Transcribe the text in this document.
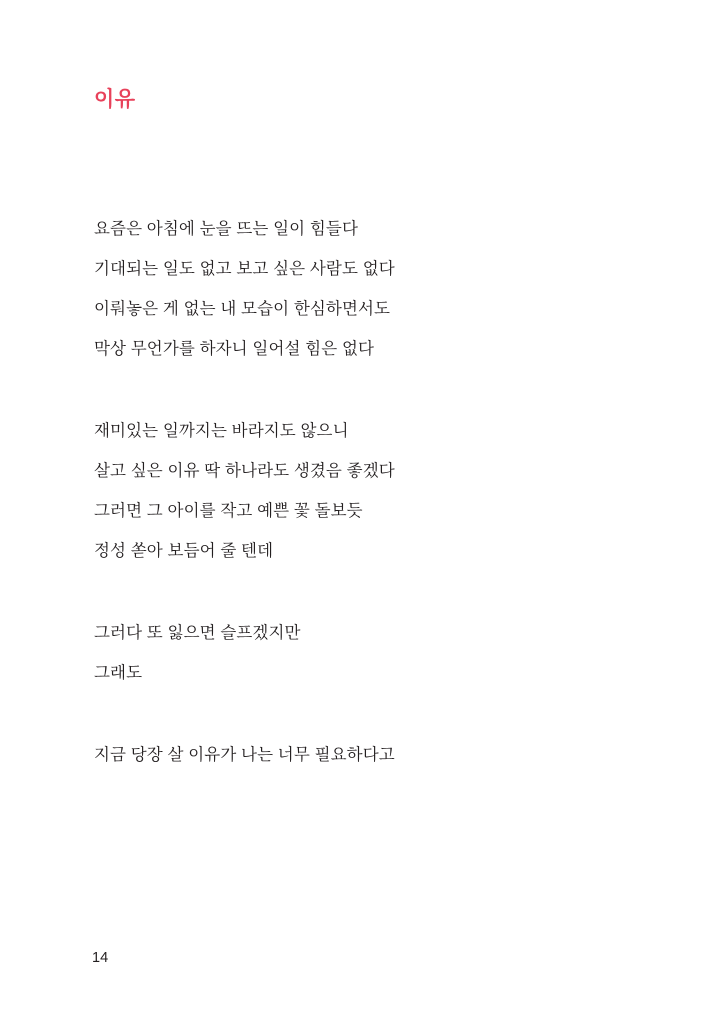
이유
요즘은 아침에 눈을 뜨는 일이 힘들다
기대되는 일도 없고 보고 싶은 사람도 없다
이뤄놓은 게 없는 내 모습이 한심하면서도
막상 무언가를 하자니 일어설 힘은 없다
재미있는 일까지는 바라지도 않으니
살고 싶은 이유 딱 하나라도 생겼음 좋겠다
그러면 그 아이를 작고 예쁜 꽃 돌보듯
정성 쏟아 보듬어 줄 텐데
그러다 또 잃으면 슬프겠지만
그래도
지금 당장 살 이유가 나는 너무 필요하다고
14
